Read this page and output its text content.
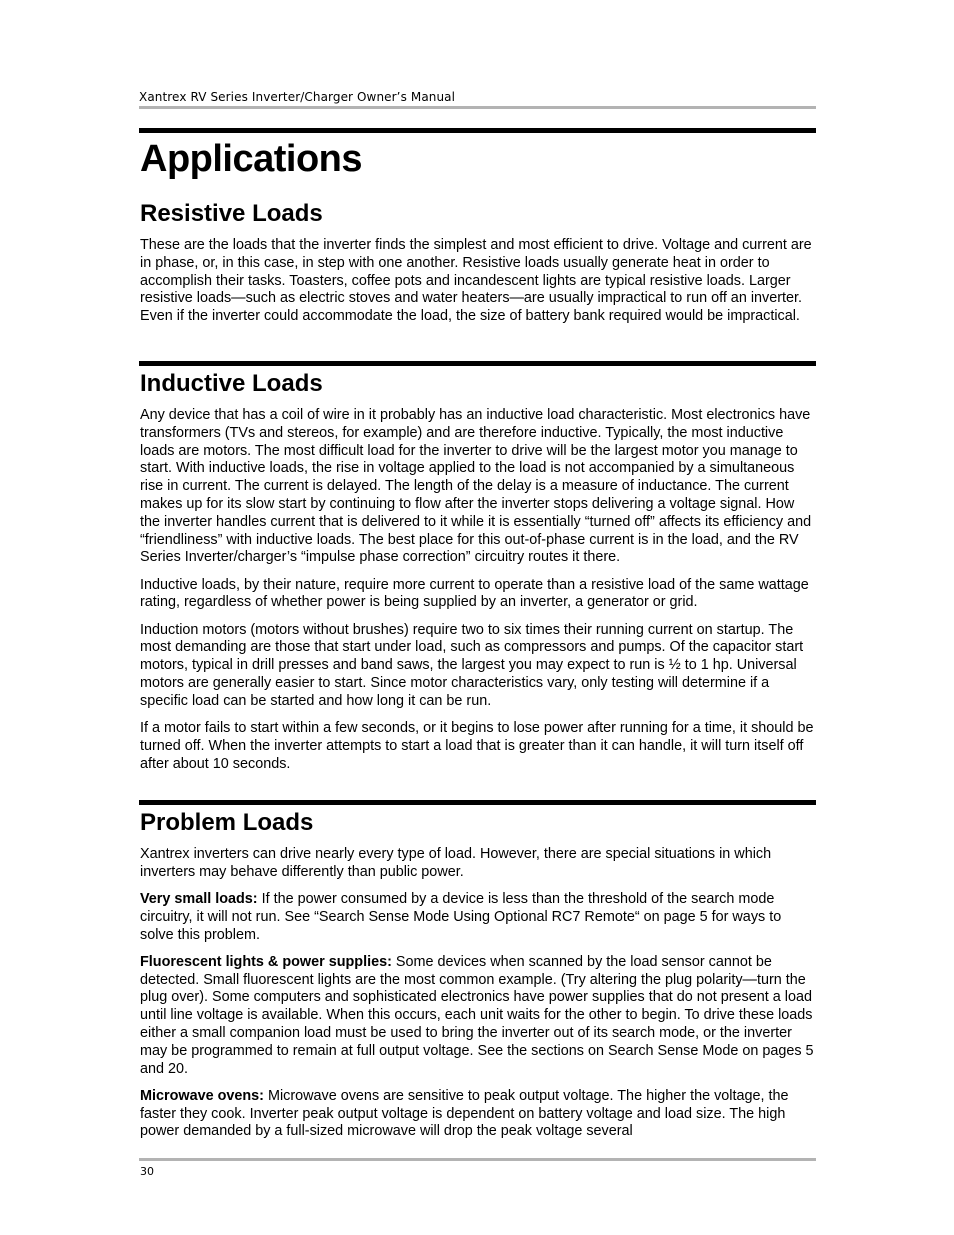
Xantrex RV Series Inverter/Charger Owner’s Manual
Applications
Resistive Loads

These are the loads that the inverter finds the simplest and most efficient to drive. Voltage and current are in phase, or, in this case, in step with one another. Resistive loads usually generate heat in order to accomplish their tasks. Toasters, coffee pots and incandescent lights are typical resistive loads. Larger resistive loads—such as electric stoves and water heaters—are usually impractical to run off an inverter. Even if the inverter could accommodate the load, the size of battery bank required would be impractical.

Inductive Loads

Any device that has a coil of wire in it probably has an inductive load characteristic. Most electronics have transformers (TVs and stereos, for example) and are therefore inductive. Typically, the most inductive loads are motors. The most difficult load for the inverter to drive will be the largest motor you manage to start. With inductive loads, the rise in voltage applied to the load is not accompanied by a simultaneous rise in current. The current is delayed. The length of the delay is a measure of inductance. The current makes up for its slow start by continuing to flow after the inverter stops delivering a voltage signal. How the inverter handles current that is delivered to it while it is essentially “turned off” affects its efficiency and “friendliness” with inductive loads. The best place for this out-of-phase current is in the load, and the RV Series Inverter/charger’s “impulse phase correction” circuitry routes it there.

Inductive loads, by their nature, require more current to operate than a resistive load of the same wattage rating, regardless of whether power is being supplied by an inverter, a generator or grid.

Induction motors (motors without brushes) require two to six times their running current on startup. The most demanding are those that start under load, such as compressors and pumps. Of the capacitor start motors, typical in drill presses and band saws, the largest you may expect to run is ½ to 1 hp. Universal motors are generally easier to start. Since motor characteristics vary, only testing will determine if a specific load can be started and how long it can be run.

If a motor fails to start within a few seconds, or it begins to lose power after running for a time, it should be turned off. When the inverter attempts to start a load that is greater than it can handle, it will turn itself off after about 10 seconds.

Problem Loads

Xantrex inverters can drive nearly every type of load. However, there are special situations in which inverters may behave differently than public power.

Very small loads: If the power consumed by a device is less than the threshold of the search mode circuitry, it will not run. See “Search Sense Mode Using Optional RC7 Remote“ on page 5 for ways to solve this problem.

Fluorescent lights & power supplies: Some devices when scanned by the load sensor cannot be detected. Small fluorescent lights are the most common example. (Try altering the plug polarity—turn the plug over). Some computers and sophisticated electronics have power supplies that do not present a load until line voltage is available. When this occurs, each unit waits for the other to begin. To drive these loads either a small companion load must be used to bring the inverter out of its search mode, or the inverter may be programmed to remain at full output voltage. See the sections on Search Sense Mode on pages 5 and 20.

Microwave ovens: Microwave ovens are sensitive to peak output voltage. The higher the voltage, the faster they cook. Inverter peak output voltage is dependent on battery voltage and load size. The high power demanded by a full-sized microwave will drop the peak voltage several

30
